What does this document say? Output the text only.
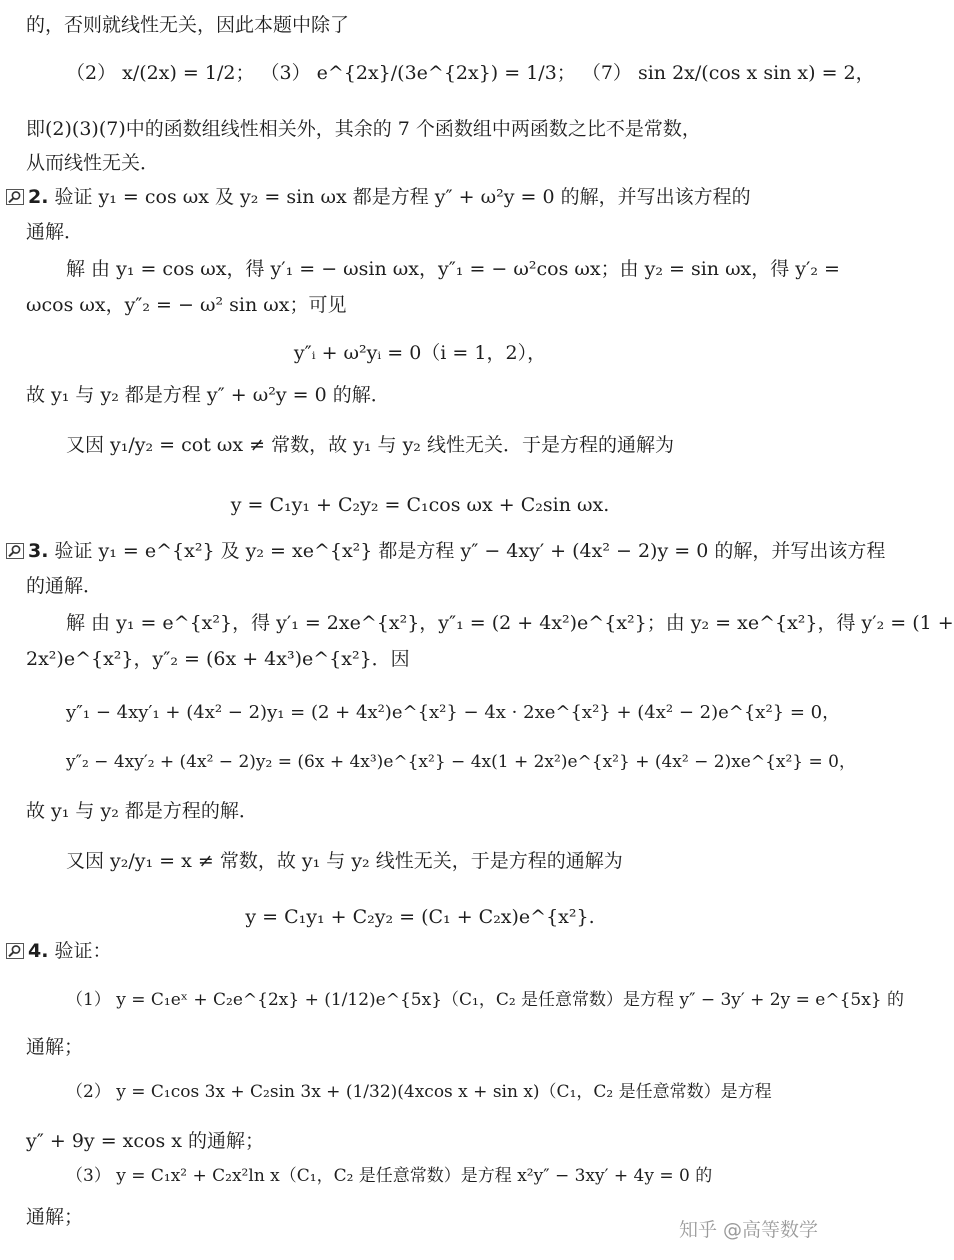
的，否则就线性无关，因此本题中除了
（2） x/(2x) = 1/2； （3） e^{2x}/(3e^{2x}) = 1/3； （7） sin 2x/(cos x sin x) = 2，
即(2)(3)(7)中的函数组线性相关外，其余的 7 个函数组中两函数之比不是常数，
从而线性无关．
2. 验证 y₁ = cos ωx 及 y₂ = sin ωx 都是方程 y″ + ω²y = 0 的解，并写出该方程的
通解．
解 由 y₁ = cos ωx，得 y′₁ = − ωsin ωx，y″₁ = − ω²cos ωx；由 y₂ = sin ωx，得 y′₂ =
ωcos ωx，y″₂ = − ω² sin ωx；可见
y″ᵢ + ω²yᵢ = 0（i = 1，2），
故 y₁ 与 y₂ 都是方程 y″ + ω²y = 0 的解．
又因 y₁/y₂ = cot ωx ≠ 常数，故 y₁ 与 y₂ 线性无关．于是方程的通解为
y = C₁y₁ + C₂y₂ = C₁cos ωx + C₂sin ωx.
3. 验证 y₁ = e^{x²} 及 y₂ = xe^{x²} 都是方程 y″ − 4xy′ + (4x² − 2)y = 0 的解，并写出该方程
的通解．
解 由 y₁ = e^{x²}，得 y′₁ = 2xe^{x²}，y″₁ = (2 + 4x²)e^{x²}；由 y₂ = xe^{x²}，得 y′₂ = (1 +
2x²)e^{x²}，y″₂ = (6x + 4x³)e^{x²}．因
y″₁ − 4xy′₁ + (4x² − 2)y₁ = (2 + 4x²)e^{x²} − 4x · 2xe^{x²} + (4x² − 2)e^{x²} = 0，
y″₂ − 4xy′₂ + (4x² − 2)y₂ = (6x + 4x³)e^{x²} − 4x(1 + 2x²)e^{x²} + (4x² − 2)xe^{x²} = 0，
故 y₁ 与 y₂ 都是方程的解．
又因 y₂/y₁ = x ≠ 常数，故 y₁ 与 y₂ 线性无关，于是方程的通解为
y = C₁y₁ + C₂y₂ = (C₁ + C₂x)e^{x²}.
4. 验证：
（1） y = C₁eˣ + C₂e^{2x} + (1/12)e^{5x}（C₁，C₂ 是任意常数）是方程 y″ − 3y′ + 2y = e^{5x} 的
通解；
（2） y = C₁cos 3x + C₂sin 3x + (1/32)(4xcos x + sin x)（C₁，C₂ 是任意常数）是方程
y″ + 9y = xcos x 的通解；
（3） y = C₁x² + C₂x²ln x（C₁，C₂ 是任意常数）是方程 x²y″ − 3xy′ + 4y = 0 的
通解；
知乎 @高等数学
